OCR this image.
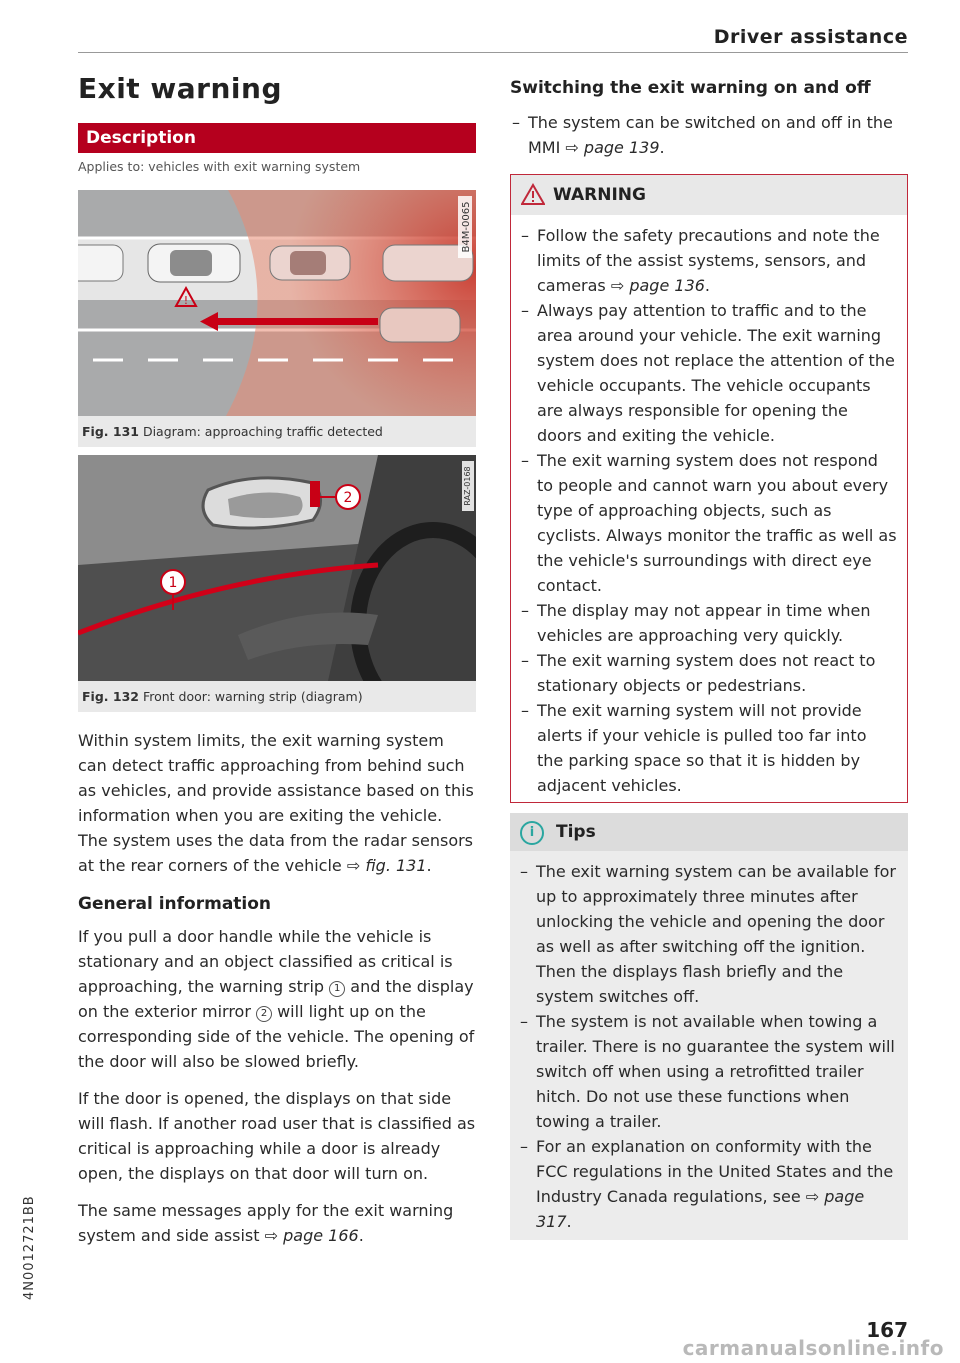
Driver assistance
4N0012721BB
Exit warning
Description
Applies to: vehicles with exit warning system
!
B4M-0065
Fig. 131 Diagram: approaching traffic detected
1
2	RAZ-0168
Fig. 132 Front door: warning strip (diagram)

Within system limits, the exit warning system can detect traffic approaching from behind such as vehicles, and provide assistance based on this information when you are exiting the vehicle. The system uses the data from the radar sensors at the rear corners of the vehicle ⇨ fig. 131.

General information

If you pull a door handle while the vehicle is stationary and an object classified as critical is approaching, the warning strip 1 and the display on the exterior mirror 2 will light up on the corresponding side of the vehicle. The opening of the door will also be slowed briefly.

If the door is opened, the displays on that side will flash. If another road user that is classified as critical is approaching while a door is already open, the displays on that door will turn on.

The same messages apply for the exit warning system and side assist ⇨ page 166.

Switching the exit warning on and off
– The system can be switched on and off in the MMI ⇨ page 139.
WARNING
– Follow the safety precautions and note the limits of the assist systems, sensors, and cameras ⇨ page 136.
– Always pay attention to traffic and to the area around your vehicle. The exit warning system does not replace the attention of the vehicle occupants. The vehicle occupants are always responsible for opening the doors and exiting the vehicle.
– The exit warning system does not respond to people and cannot warn you about every type of approaching objects, such as cyclists. Always monitor the traffic as well as the vehicle's surroundings with direct eye contact.
– The display may not appear in time when vehicles are approaching very quickly.
– The exit warning system does not react to stationary objects or pedestrians.
– The exit warning system will not provide alerts if your vehicle is pulled too far into the parking space so that it is hidden by adjacent vehicles.
i Tips
– The exit warning system can be available for up to approximately three minutes after unlocking the vehicle and opening the door as well as after switching off the ignition. Then the displays flash briefly and the system switches off.
– The system is not available when towing a trailer. There is no guarantee the system will switch off when using a retrofitted trailer hitch. Do not use these functions when towing a trailer.
– For an explanation on conformity with the FCC regulations in the United States and the Industry Canada regulations, see ⇨ page 317.
167
carmanualsonline.info
